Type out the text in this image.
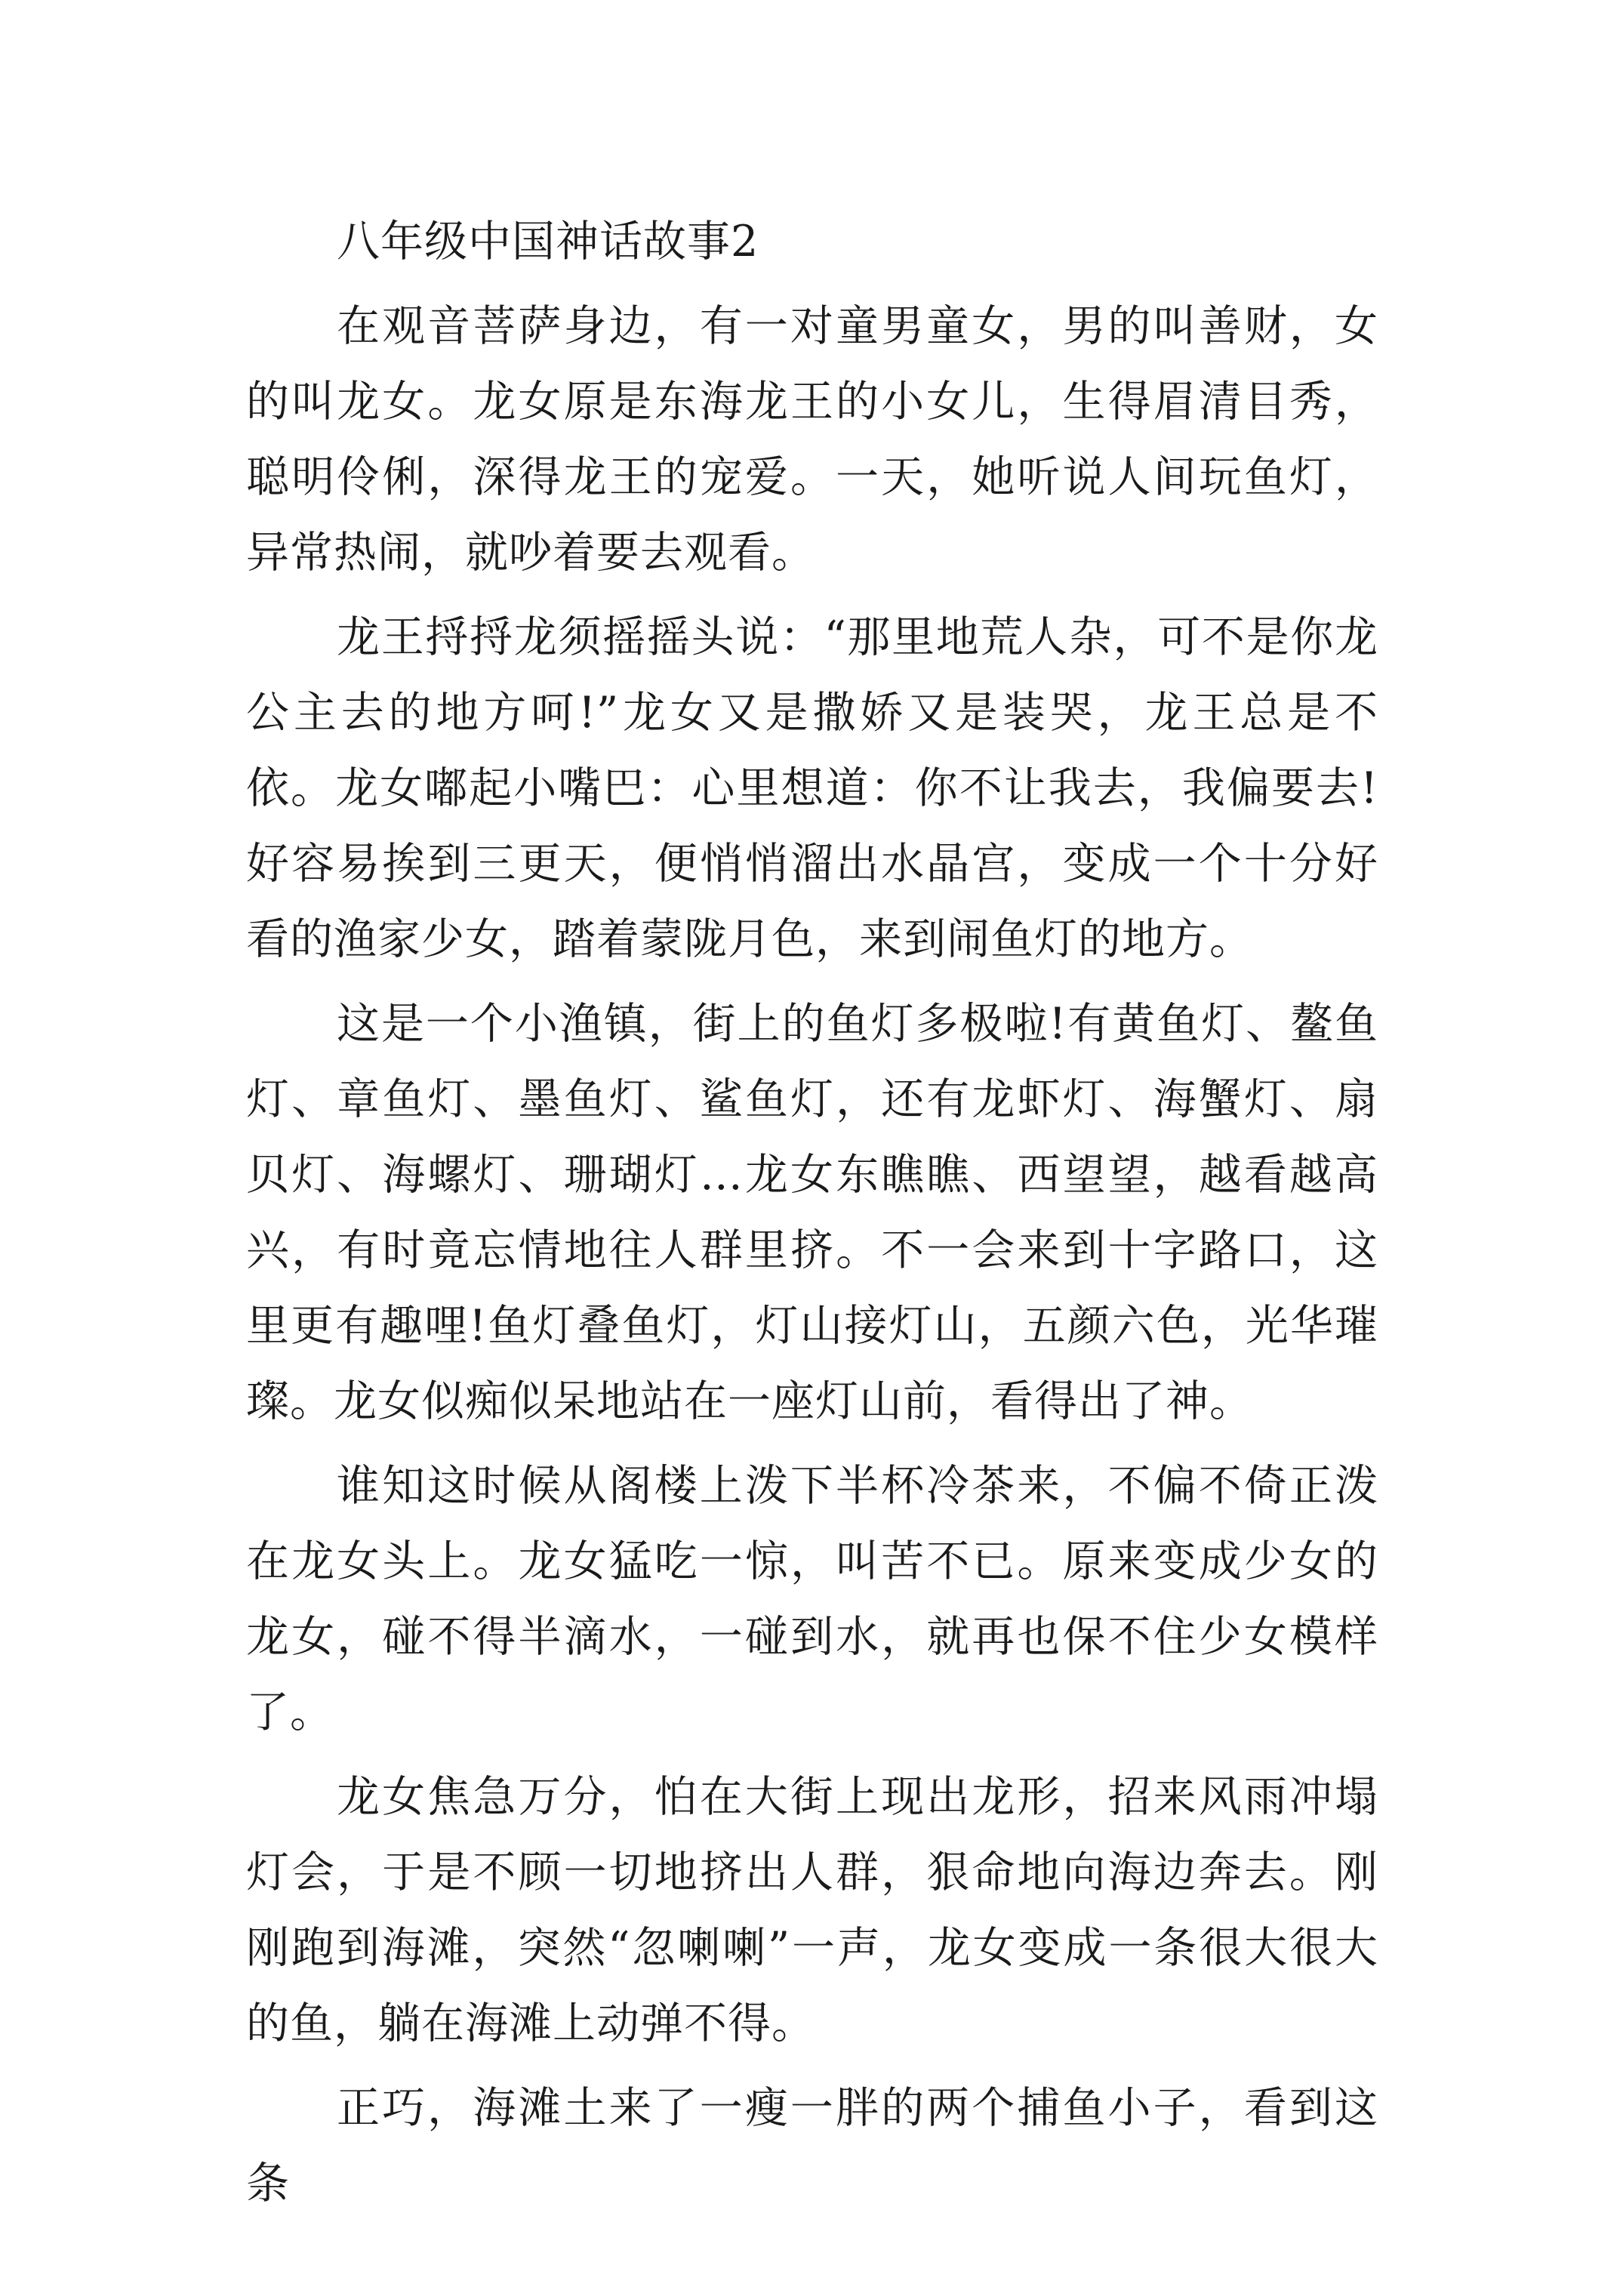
八年级中国神话故事2

在观音菩萨身边，有一对童男童女，男的叫善财，女的叫龙女。龙女原是东海龙王的小女儿，生得眉清目秀，聪明伶俐，深得龙王的宠爱。一天，她听说人间玩鱼灯，异常热闹，就吵着要去观看。

龙王捋捋龙须摇摇头说：“那里地荒人杂，可不是你龙公主去的地方呵!”龙女又是撒娇又是装哭，龙王总是不依。龙女嘟起小嘴巴：心里想道：你不让我去，我偏要去!好容易挨到三更天，便悄悄溜出水晶宫，变成一个十分好看的渔家少女，踏着蒙陇月色，来到闹鱼灯的地方。

这是一个小渔镇，街上的鱼灯多极啦!有黄鱼灯、鳌鱼灯、章鱼灯、墨鱼灯、鲨鱼灯，还有龙虾灯、海蟹灯、扇贝灯、海螺灯、珊瑚灯…龙女东瞧瞧、西望望，越看越高兴，有时竟忘情地往人群里挤。不一会来到十字路口，这里更有趣哩!鱼灯叠鱼灯，灯山接灯山，五颜六色，光华璀璨。龙女似痴似呆地站在一座灯山前，看得出了神。

谁知这时候从阁楼上泼下半杯冷茶来，不偏不倚正泼在龙女头上。龙女猛吃一惊，叫苦不已。原来变成少女的龙女，碰不得半滴水，一碰到水，就再也保不住少女模样了。

龙女焦急万分，怕在大街上现出龙形，招来风雨冲塌灯会，于是不顾一切地挤出人群，狠命地向海边奔去。刚刚跑到海滩，突然“忽喇喇”一声，龙女变成一条很大很大的鱼，躺在海滩上动弹不得。

正巧，海滩土来了一瘦一胖的两个捕鱼小子，看到这条
